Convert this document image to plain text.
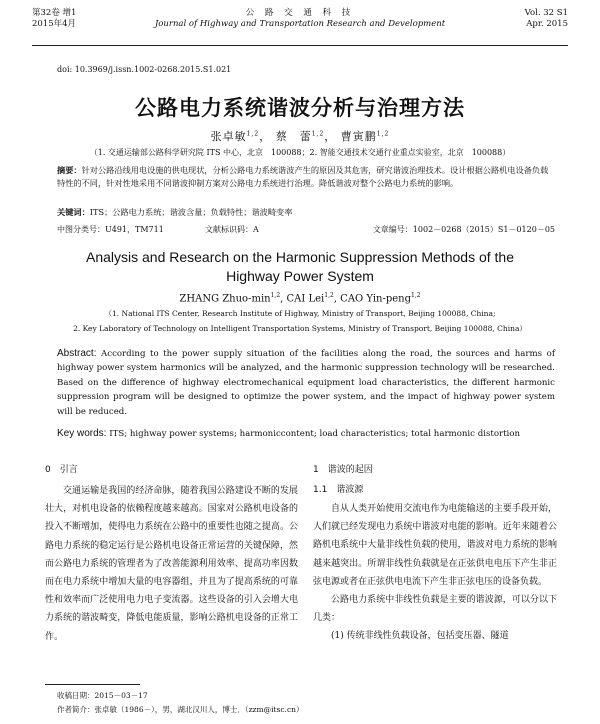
第32卷 增1
2015年4月
公 路 交 通 科 技
Journal of Highway and Transportation Research and Development
Vol. 32 S1
Apr. 2015
doi: 10.3969/j.issn.1002-0268.2015.S1.021
公路电力系统谐波分析与治理方法
张卓敏$^{1,2}$， 蔡　蕾$^{1,2}$， 曹寅鹏$^{1,2}$
（1. 交通运输部公路科学研究院 ITS 中心，北京　100088；2. 智能交通技术交通行业重点实验室，北京　100088）
摘要：针对公路沿线用电设施的供电现状，分析公路电力系统谐波产生的原因及其危害，研究谐波治理技术。设计根据公路机电设备负载特性的不同，针对性地采用不同谐波抑制方案对公路电力系统进行治理。降低谐波对整个公路电力系统的影响。
关键词：ITS；公路电力系统；谐波含量；负载特性；谐波畸变率
中图分类号：U491，TM711	文献标识码：A	文章编号：1002－0268（2015）S1－0120－05
Analysis and Research on the Harmonic Suppression Methods of the Highway Power System
ZHANG Zhuo-$\min^{1,2}$, CAI Lei$^{1,2}$, CAO Yin-peng$^{1,2}$
（1. National ITS Center, Research Institute of Highway, Ministry of Transport, Beijing 100088, China;
2. Key Laboratory of Technology on Intelligent Transportation Systems, Ministry of Transport, Beijing 100088, China）
Abstract: According to the power supply situation of the facilities along the road, the sources and harms of highway power system harmonics will be analyzed, and the harmonic suppression technology will be researched. Based on the difference of highway electromechanical equipment load characteristics, the different harmonic suppression program will be designed to optimize the power system, and the impact of highway power system will be reduced.
Key words: ITS; highway power systems; harmoniccontent; load characteristics; total harmonic distortion
0　引言

交通运输是我国的经济命脉，随着我国公路建设不断的发展壮大，对机电设备的依赖程度越来越高。国家对公路机电设备的投入不断增加，使得电力系统在公路中的重要性也随之提高。公路电力系统的稳定运行是公路机电设备正常运营的关键保障，然而公路电力系统的管理者为了改善能源利用效率、提高功率因数而在电力系统中增加大量的电容器组，并且为了提高系统的可靠性和效率而广泛使用电力电子变流器。这些设备的引入会增大电力系统的谐波畸变，降低电能质量，影响公路机电设备的正常工作。

1　谐波的起因
1.1　谐波源

自从人类开始使用交流电作为电能输送的主要手段开始，人们就已经发现电力系统中谐波对电能的影响。近年来随着公路机电系统中大量非线性负载的使用，谐波对电力系统的影响越来越突出。所谓非线性负载就是在正弦供电电压下产生非正弦电源或者在正弦供电电流下产生非正弦电压的设备负载。

公路电力系统中非线性负载是主要的谐波源，可以分以下几类：

(1) 传统非线性负载设备，包括变压器、隧道

收稿日期：2015－03－17
作者简介：张卓敏（1986－），男，湖北汉川人，博士．（zzm@itsc.cn）
